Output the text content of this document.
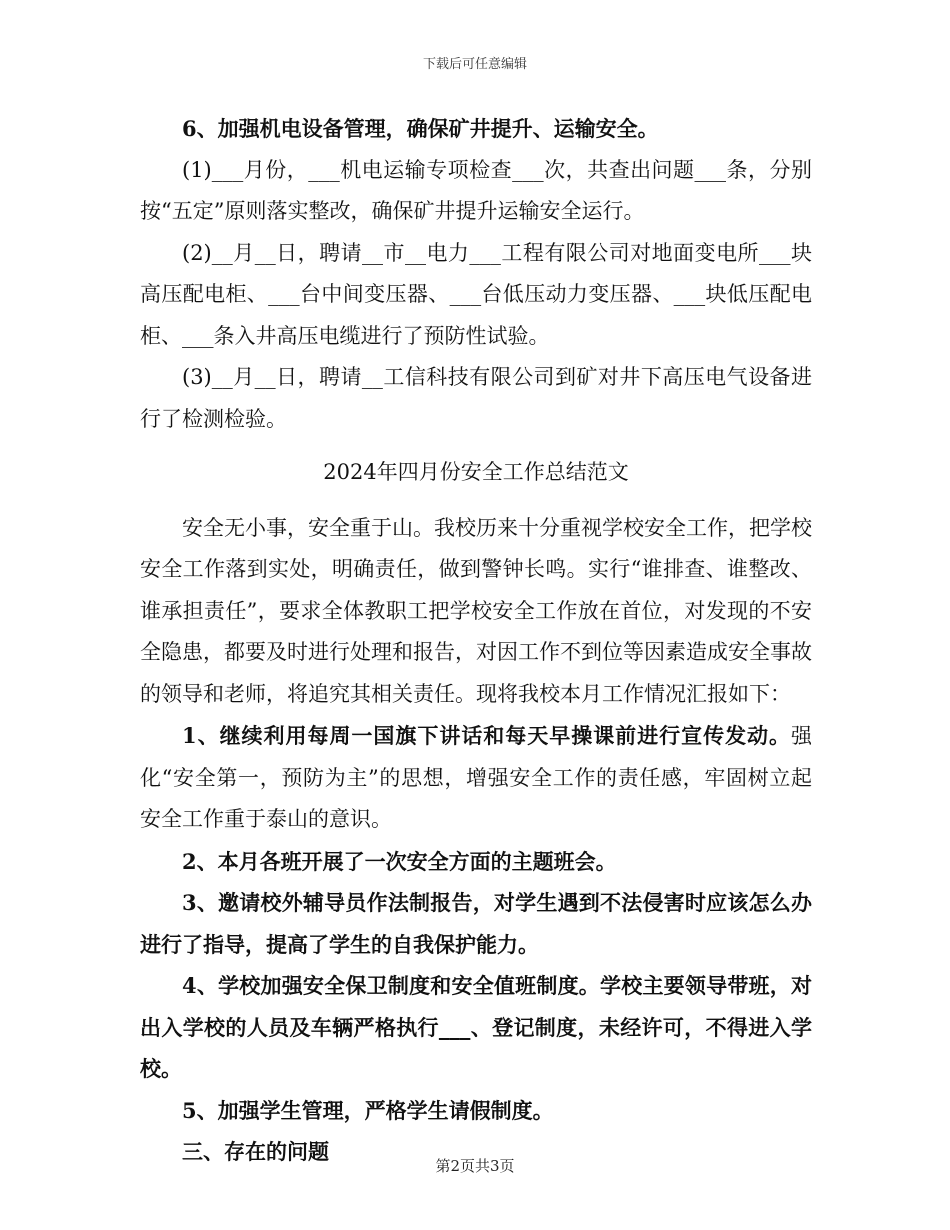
下载后可任意编辑

6、加强机电设备管理，确保矿井提升、运输安全。

(1)___月份，___机电运输专项检查___次，共查出问题___条，分别按“五定”原则落实整改，确保矿井提升运输安全运行。

(2)__月__日，聘请__市__电力___工程有限公司对地面变电所___块高压配电柜、___台中间变压器、___台低压动力变压器、___块低压配电柜、___条入井高压电缆进行了预防性试验。

(3)__月__日，聘请__工信科技有限公司到矿对井下高压电气设备进行了检测检验。

2024年四月份安全工作总结范文

安全无小事，安全重于山。我校历来十分重视学校安全工作，把学校安全工作落到实处，明确责任，做到警钟长鸣。实行“谁排查、谁整改、谁承担责任”，要求全体教职工把学校安全工作放在首位，对发现的不安全隐患，都要及时进行处理和报告，对因工作不到位等因素造成安全事故的领导和老师，将追究其相关责任。现将我校本月工作情况汇报如下：

1、继续利用每周一国旗下讲话和每天早操课前进行宣传发动。强化“安全第一，预防为主”的思想，增强安全工作的责任感，牢固树立起安全工作重于泰山的意识。

2、本月各班开展了一次安全方面的主题班会。

3、邀请校外辅导员作法制报告，对学生遇到不法侵害时应该怎么办进行了指导，提高了学生的自我保护能力。

4、学校加强安全保卫制度和安全值班制度。学校主要领导带班，对出入学校的人员及车辆严格执行___、登记制度，未经许可，不得进入学校。

5、加强学生管理，严格学生请假制度。

三、存在的问题

第2页共3页
